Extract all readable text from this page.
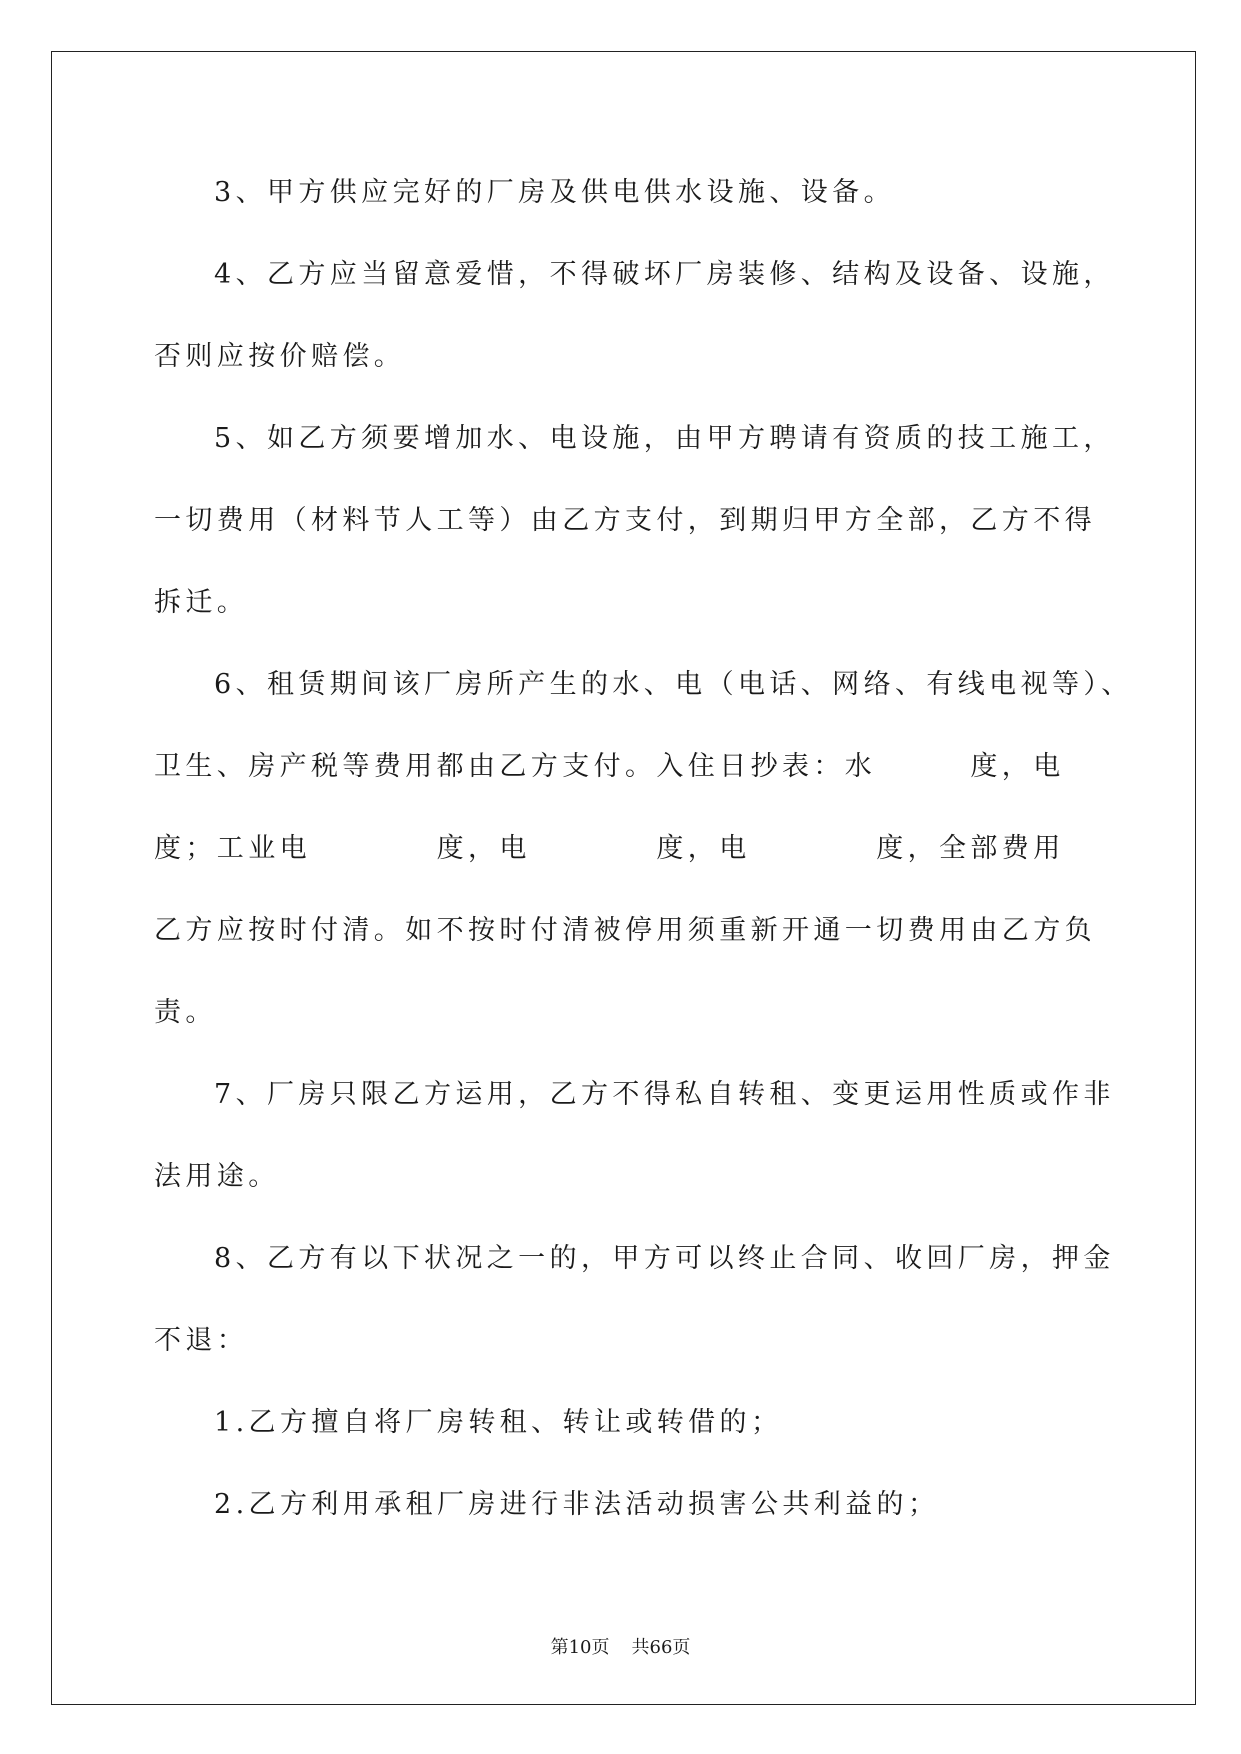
3、甲方供应完好的厂房及供电供水设施、设备。
4、乙方应当留意爱惜，不得破坏厂房装修、结构及设备、设施，
否则应按价赔偿。
5、如乙方须要增加水、电设施，由甲方聘请有资质的技工施工，
一切费用（材料节人工等）由乙方支付，到期归甲方全部，乙方不得
拆迁。
6、租赁期间该厂房所产生的水、电（电话、网络、有线电视等）、
卫生、房产税等费用都由乙方支付。入住日抄表：水　　　度，电
度；工业电　　　　度，电　　　　度，电　　　　度，全部费用
乙方应按时付清。如不按时付清被停用须重新开通一切费用由乙方负
责。
7、厂房只限乙方运用，乙方不得私自转租、变更运用性质或作非
法用途。
8、乙方有以下状况之一的，甲方可以终止合同、收回厂房，押金
不退：
1.乙方擅自将厂房转租、转让或转借的；
2.乙方利用承租厂房进行非法活动损害公共利益的；
第10页 共66页
